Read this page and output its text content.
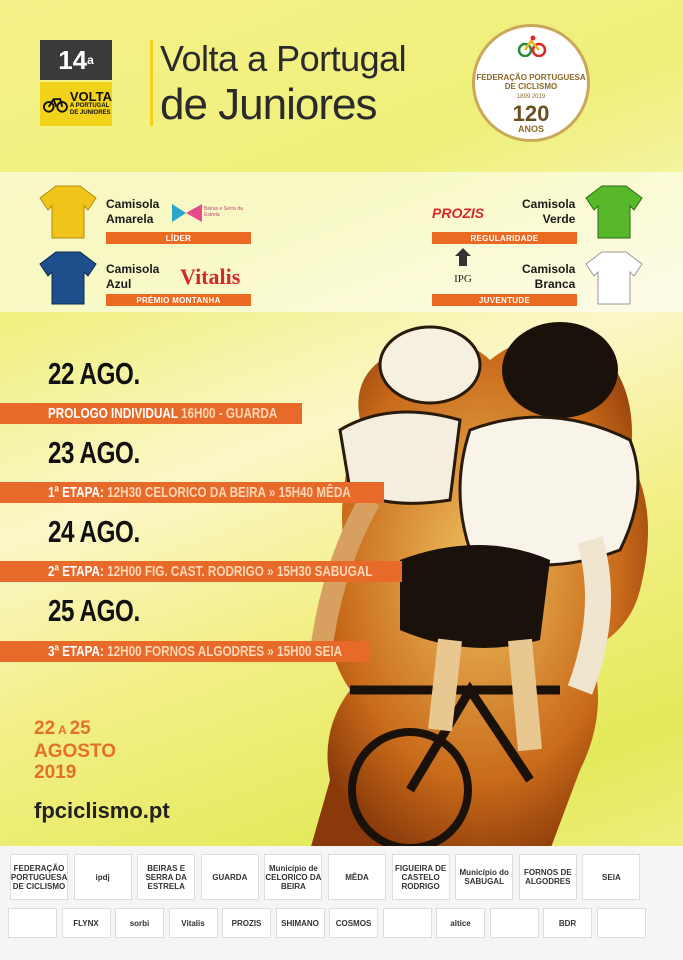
14 a
VOLTA
A PORTUGAL
DE JUNIORES
Volta a Portugal
de Juniores
FEDERAÇÃO PORTUGUESA DE CICLISMO
1899 2019
120
ANOS
Camisola
Amarela
Beiras e Serra da Estrela
LÍDER
Camisola
Azul	Vitalis
PRÉMIO MONTANHA
Camisola
Verde
PROZIS
REGULARIDADE
Camisola
Branca
IPG
JUVENTUDE
22 AGO.
PROLOGO INDIVIDUAL 16H00 - GUARDA
23 AGO.
1ª ETAPA: 12H30 CELORICO DA BEIRA » 15H40 MÊDA
24 AGO.
2ª ETAPA: 12H00 FIG. CAST. RODRIGO » 15H30 SABUGAL
25 AGO.
3ª ETAPA: 12H00 FORNOS ALGODRES » 15H00 SEIA
22 A 25
AGOSTO
2019
fpciclismo.pt
FEDERAÇÃO PORTUGUESA DE CICLISMO
ipdj
BEIRAS E SERRA DA ESTRELA
GUARDA
Município de CELORICO DA BEIRA
MÊDA
FIGUEIRA DE CASTELO RODRIGO
Município do SABUGAL
FORNOS DE ALGODRES	SEIA
FLYNX	sorbi	Vitalis	PROZIS	SHIMANO	COSMOS	altice	BDR
